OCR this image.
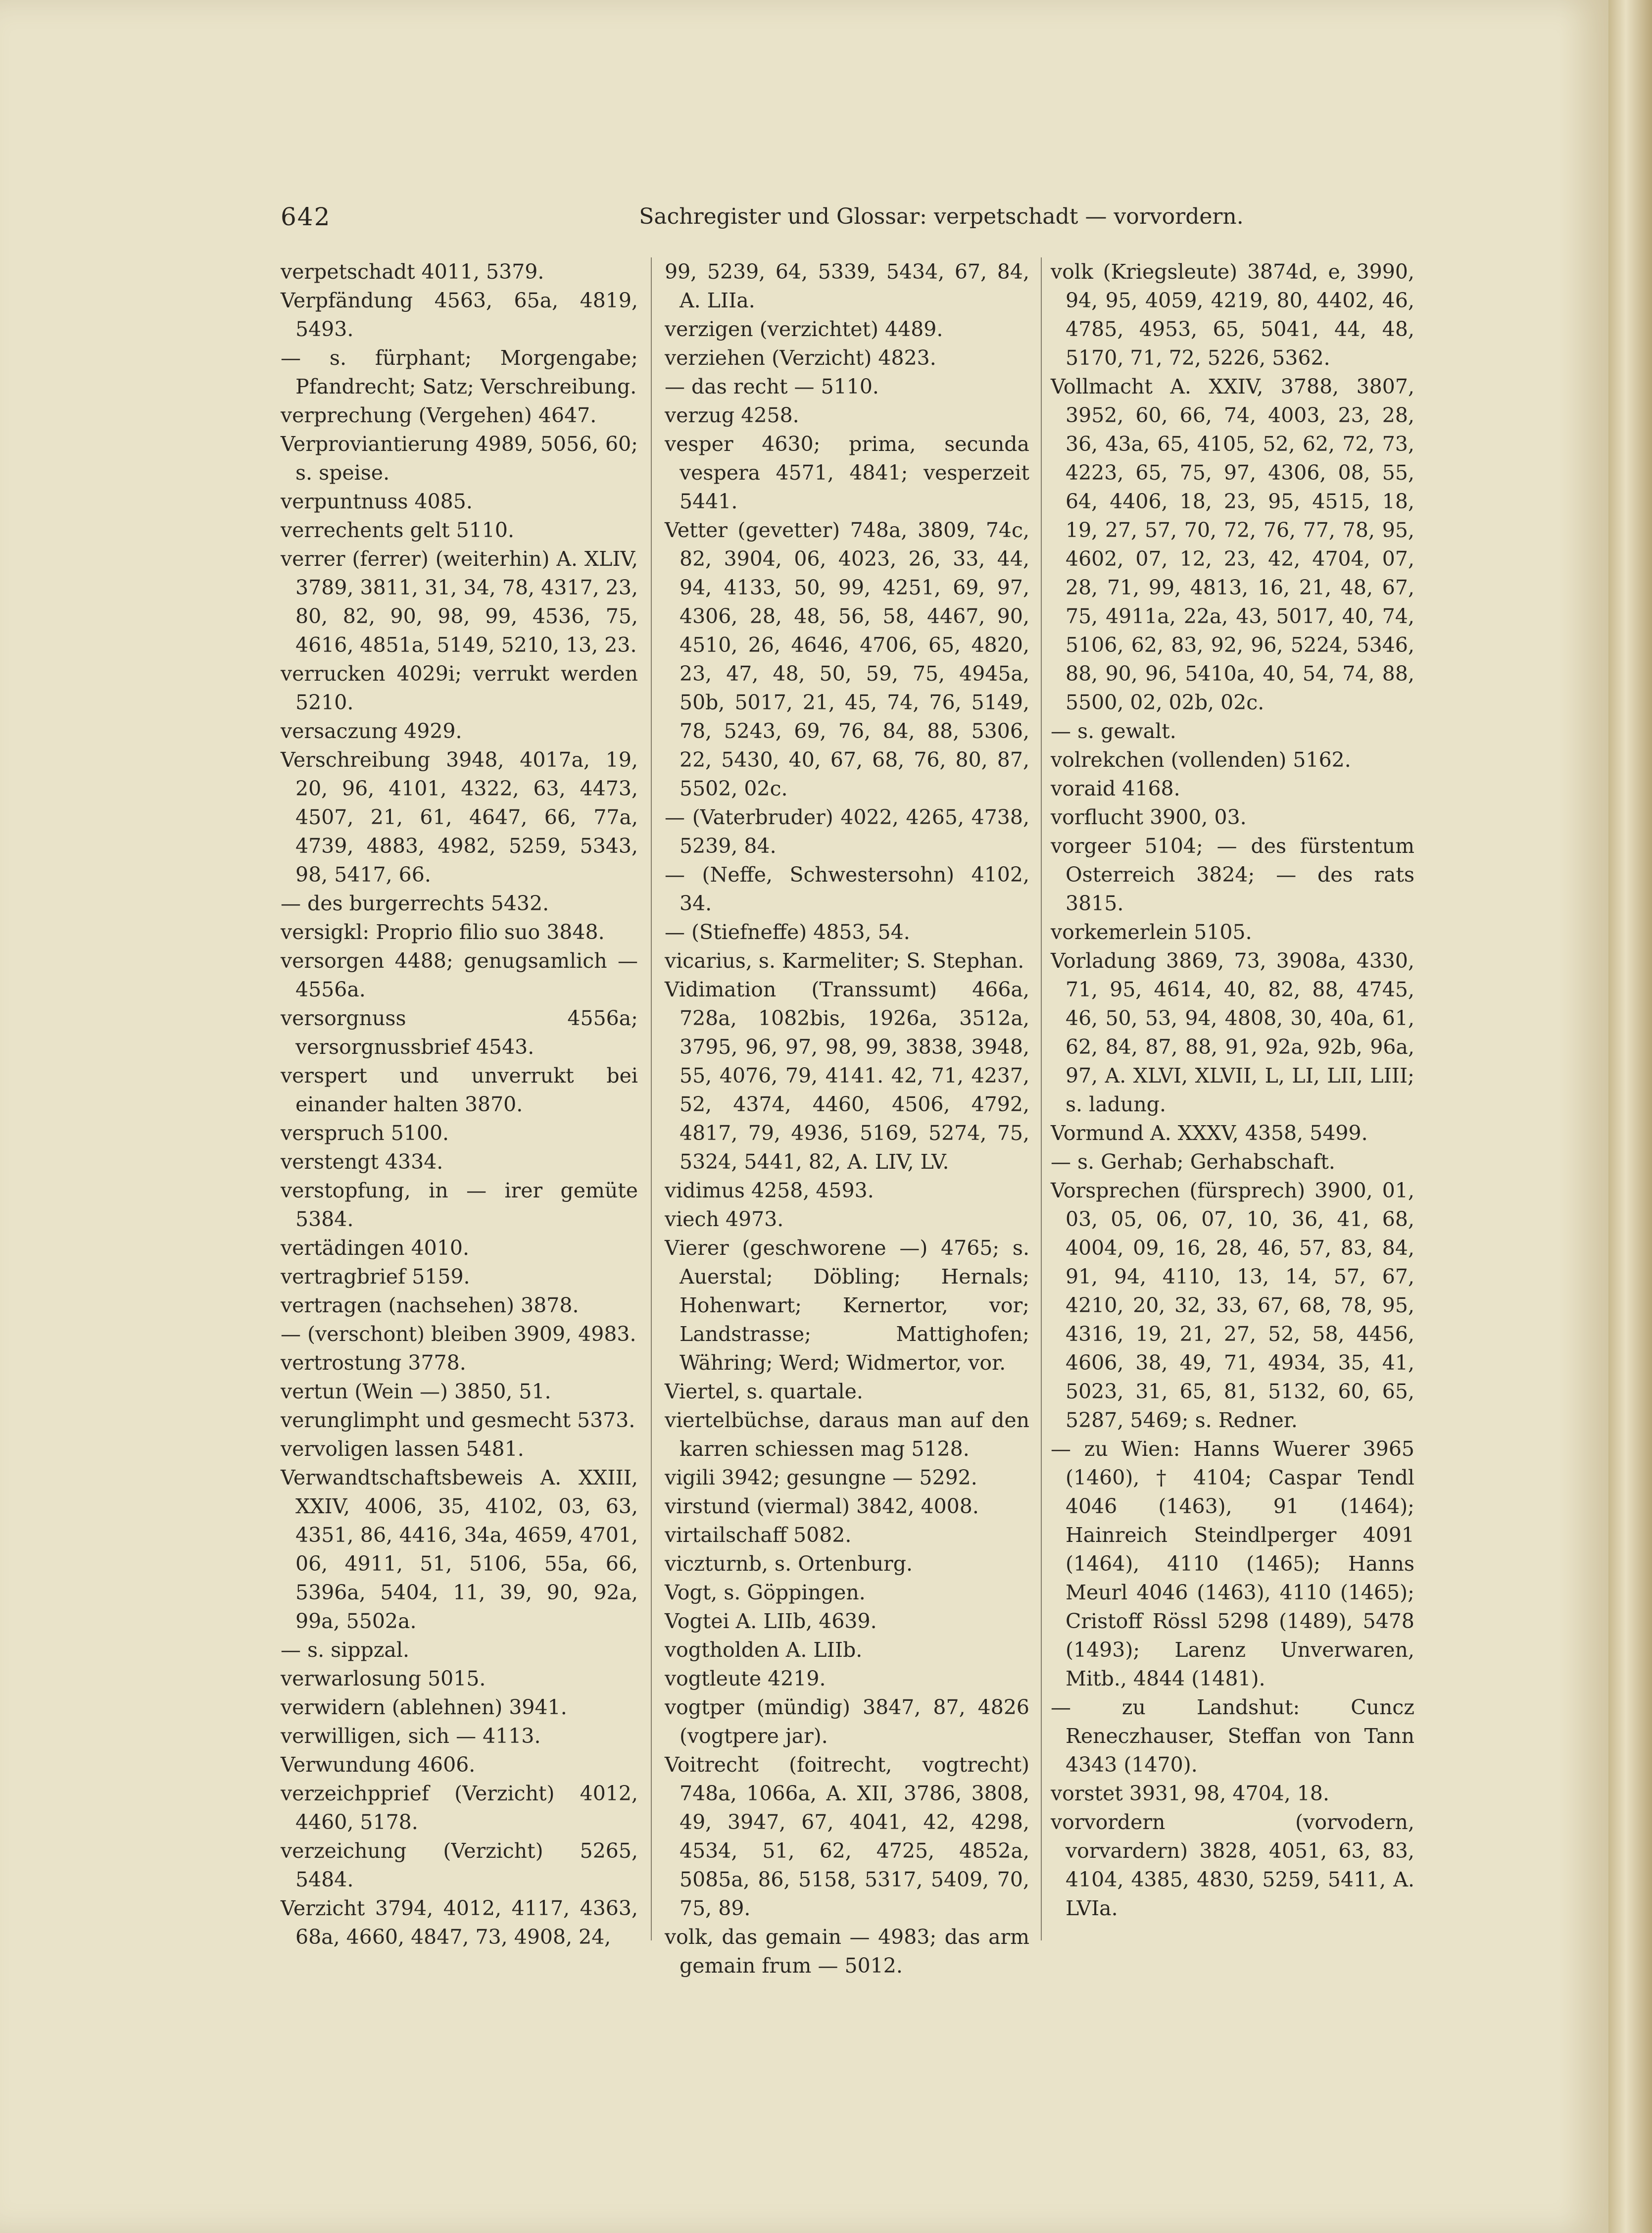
642	Sachregister und Glossar: verpetschadt — vorvordern.

verpetschadt 4011, 5379.

Verpfändung 4563, 65a, 4819, 5493.

— s. fürphant; Morgengabe; Pfandrecht; Satz; Verschreibung.

verprechung (Vergehen) 4647.

Verproviantierung 4989, 5056, 60; s. speise.

verpuntnuss 4085.

verrechents gelt 5110.

verrer (ferrer) (weiterhin) A. XLIV, 3789, 3811, 31, 34, 78, 4317, 23, 80, 82, 90, 98, 99, 4536, 75, 4616, 4851a, 5149, 5210, 13, 23.

verrucken 4029i; verrukt werden 5210.

versaczung 4929.

Verschreibung 3948, 4017a, 19, 20, 96, 4101, 4322, 63, 4473, 4507, 21, 61, 4647, 66, 77a, 4739, 4883, 4982, 5259, 5343, 98, 5417, 66.

— des burgerrechts 5432.

versigkl: Proprio filio suo 3848.

versorgen 4488; genugsamlich — 4556a.

versorgnuss 4556a; versorgnussbrief 4543.

verspert und unverrukt bei einander halten 3870.

verspruch 5100.

verstengt 4334.

verstopfung, in — irer gemüte 5384.

vertädingen 4010.

vertragbrief 5159.

vertragen (nachsehen) 3878.

— (verschont) bleiben 3909, 4983.

vertrostung 3778.

vertun (Wein —) 3850, 51.

verunglimpht und gesmecht 5373.

vervoligen lassen 5481.

Verwandtschaftsbeweis A. XXIII, XXIV, 4006, 35, 4102, 03, 63, 4351, 86, 4416, 34a, 4659, 4701, 06, 4911, 51, 5106, 55a, 66, 5396a, 5404, 11, 39, 90, 92a, 99a, 5502a.

— s. sippzal.

verwarlosung 5015.

verwidern (ablehnen) 3941.

verwilligen, sich — 4113.

Verwundung 4606.

verzeichpprief (Verzicht) 4012, 4460, 5178.

verzeichung (Verzicht) 5265, 5484.

Verzicht 3794, 4012, 4117, 4363, 68a, 4660, 4847, 73, 4908, 24,

99, 5239, 64, 5339, 5434, 67, 84, A. LIIa.

verzigen (verzichtet) 4489.

verziehen (Verzicht) 4823.

— das recht — 5110.

verzug 4258.

vesper 4630; prima, secunda vespera 4571, 4841; vesperzeit 5441.

Vetter (gevetter) 748a, 3809, 74c, 82, 3904, 06, 4023, 26, 33, 44, 94, 4133, 50, 99, 4251, 69, 97, 4306, 28, 48, 56, 58, 4467, 90, 4510, 26, 4646, 4706, 65, 4820, 23, 47, 48, 50, 59, 75, 4945a, 50b, 5017, 21, 45, 74, 76, 5149, 78, 5243, 69, 76, 84, 88, 5306, 22, 5430, 40, 67, 68, 76, 80, 87, 5502, 02c.

— (Vaterbruder) 4022, 4265, 4738, 5239, 84.

— (Neffe, Schwestersohn) 4102, 34.

— (Stiefneffe) 4853, 54.

vicarius, s. Karmeliter; S. Stephan.

Vidimation (Transsumt) 466a, 728a, 1082bis, 1926a, 3512a, 3795, 96, 97, 98, 99, 3838, 3948, 55, 4076, 79, 4141. 42, 71, 4237, 52, 4374, 4460, 4506, 4792, 4817, 79, 4936, 5169, 5274, 75, 5324, 5441, 82, A. LIV, LV.

vidimus 4258, 4593.

viech 4973.

Vierer (geschworene —) 4765; s. Auerstal; Döbling; Hernals; Hohenwart; Kernertor, vor; Landstrasse; Mattighofen; Währing; Werd; Widmertor, vor.

Viertel, s. quartale.

viertelbüchse, daraus man auf den karren schiessen mag 5128.

vigili 3942; gesungne — 5292.

virstund (viermal) 3842, 4008.

virtailschaff 5082.

viczturnb, s. Ortenburg.

Vogt, s. Göppingen.

Vogtei A. LIIb, 4639.

vogtholden A. LIIb.

vogtleute 4219.

vogtper (mündig) 3847, 87, 4826 (vogtpere jar).

Voitrecht (foitrecht, vogtrecht) 748a, 1066a, A. XII, 3786, 3808, 49, 3947, 67, 4041, 42, 4298, 4534, 51, 62, 4725, 4852a, 5085a, 86, 5158, 5317, 5409, 70, 75, 89.

volk, das gemain — 4983; das arm gemain frum — 5012.

volk (Kriegsleute) 3874d, e, 3990, 94, 95, 4059, 4219, 80, 4402, 46, 4785, 4953, 65, 5041, 44, 48, 5170, 71, 72, 5226, 5362.

Vollmacht A. XXIV, 3788, 3807, 3952, 60, 66, 74, 4003, 23, 28, 36, 43a, 65, 4105, 52, 62, 72, 73, 4223, 65, 75, 97, 4306, 08, 55, 64, 4406, 18, 23, 95, 4515, 18, 19, 27, 57, 70, 72, 76, 77, 78, 95, 4602, 07, 12, 23, 42, 4704, 07, 28, 71, 99, 4813, 16, 21, 48, 67, 75, 4911a, 22a, 43, 5017, 40, 74, 5106, 62, 83, 92, 96, 5224, 5346, 88, 90, 96, 5410a, 40, 54, 74, 88, 5500, 02, 02b, 02c.

— s. gewalt.

volrekchen (vollenden) 5162.

voraid 4168.

vorflucht 3900, 03.

vorgeer 5104; — des fürstentum Osterreich 3824; — des rats 3815.

vorkemerlein 5105.

Vorladung 3869, 73, 3908a, 4330, 71, 95, 4614, 40, 82, 88, 4745, 46, 50, 53, 94, 4808, 30, 40a, 61, 62, 84, 87, 88, 91, 92a, 92b, 96a, 97, A. XLVI, XLVII, L, LI, LII, LIII; s. ladung.

Vormund A. XXXV, 4358, 5499.

— s. Gerhab; Gerhabschaft.

Vorsprechen (fürsprech) 3900, 01, 03, 05, 06, 07, 10, 36, 41, 68, 4004, 09, 16, 28, 46, 57, 83, 84, 91, 94, 4110, 13, 14, 57, 67, 4210, 20, 32, 33, 67, 68, 78, 95, 4316, 19, 21, 27, 52, 58, 4456, 4606, 38, 49, 71, 4934, 35, 41, 5023, 31, 65, 81, 5132, 60, 65, 5287, 5469; s. Redner.

— zu Wien: Hanns Wuerer 3965 (1460), † 4104; Caspar Tendl 4046 (1463), 91 (1464); Hainreich Steindlperger 4091 (1464), 4110 (1465); Hanns Meurl 4046 (1463), 4110 (1465); Cristoff Rössl 5298 (1489), 5478 (1493); Larenz Unverwaren, Mitb., 4844 (1481).

— zu Landshut: Cuncz Reneczhauser, Steffan von Tann 4343 (1470).

vorstet 3931, 98, 4704, 18.

vorvordern (vorvodern, vorvardern) 3828, 4051, 63, 83, 4104, 4385, 4830, 5259, 5411, A. LVIa.
